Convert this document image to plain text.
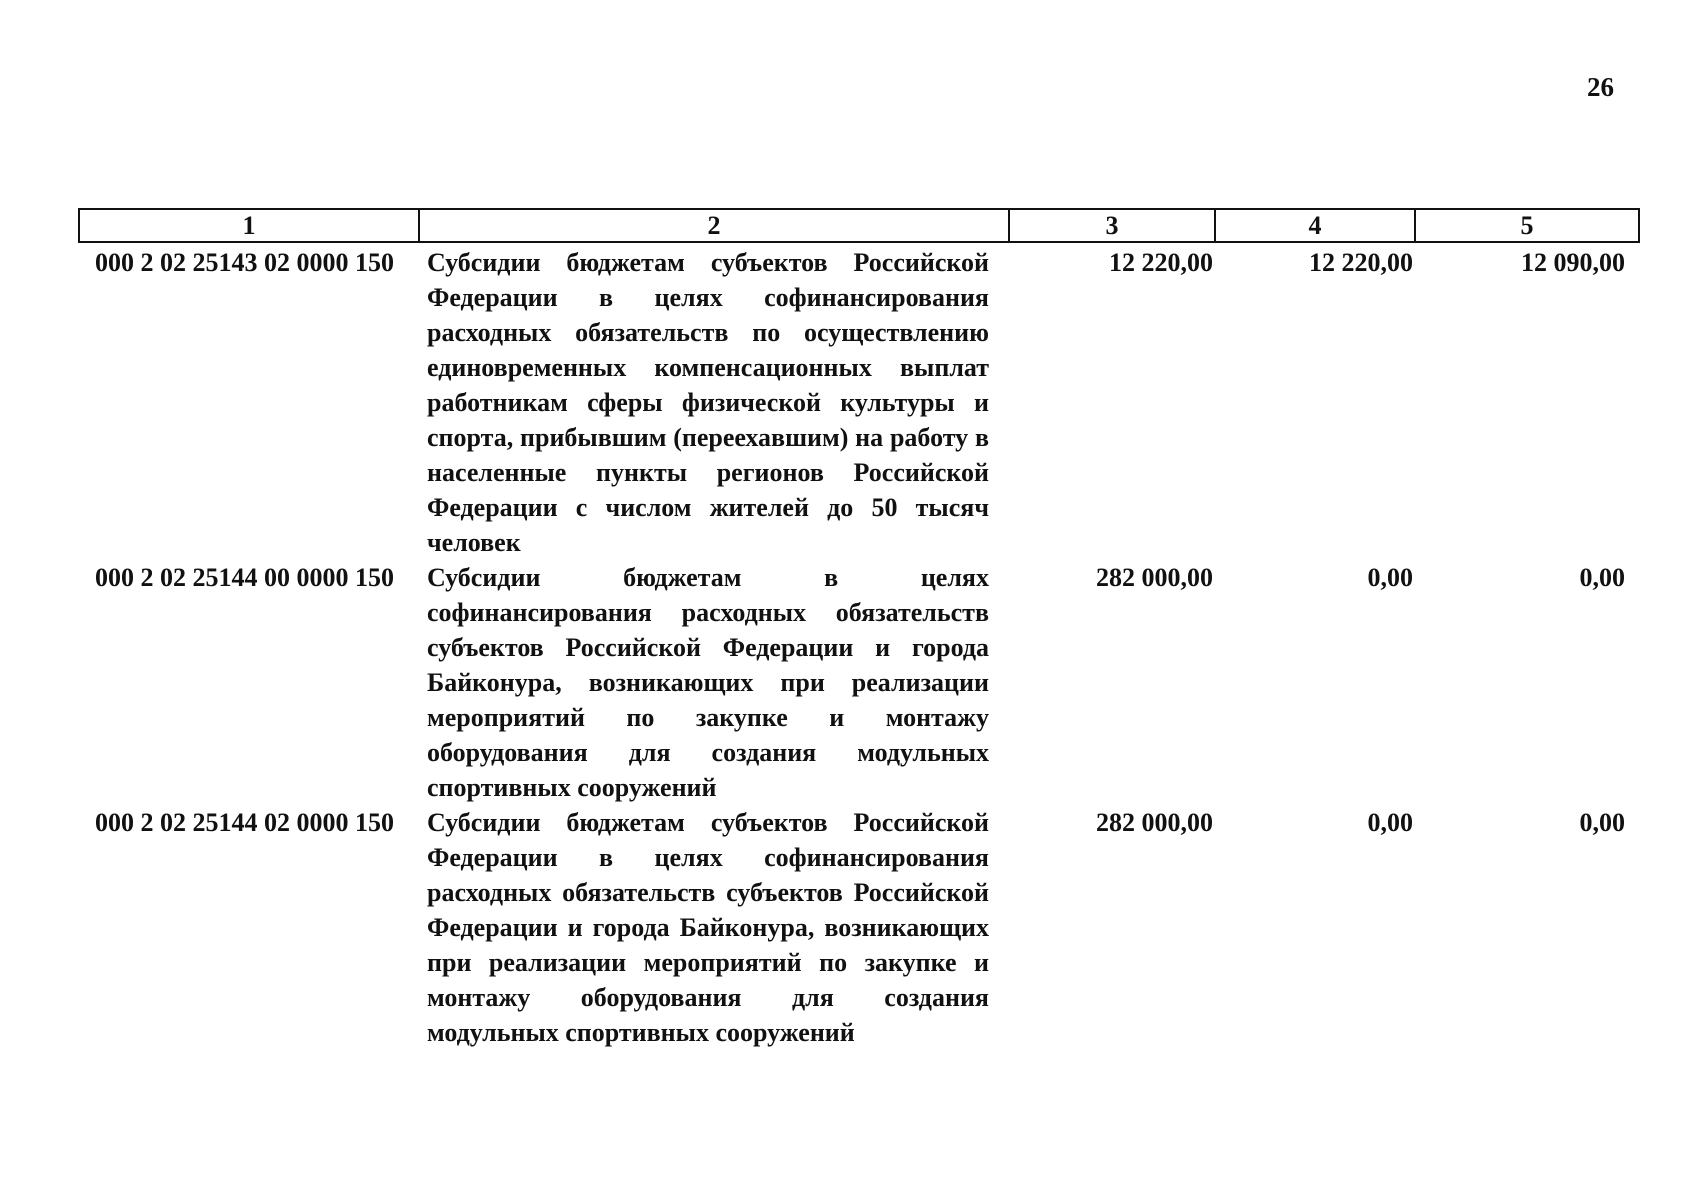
26
1	2	3	4	5

000 2 02 25143 02 0000 150	Субсидии бюджетам субъектов Российской Федерации в целях софинансирования расходных обязательств по осуществлению единовременных компенсационных выплат работникам сферы физической культуры и спорта, прибывшим (переехавшим) на работу в населенные пункты регионов Российской Федерации с числом жителей до 50 тысяч человек	12 220,00	12 220,00	12 090,00
000 2 02 25144 00 0000 150	Субсидии бюджетам в целях софинансирования расходных обязательств субъектов Российской Федерации и города Байконура, возникающих при реализации мероприятий по закупке и монтажу оборудования для создания модульных спортивных сооружений	282 000,00	0,00	0,00
000 2 02 25144 02 0000 150	Субсидии бюджетам субъектов Российской Федерации в целях софинансирования расходных обязательств субъектов Российской Федерации и города Байконура, возникающих при реализации мероприятий по закупке и монтажу оборудования для создания модульных спортивных сооружений	282 000,00	0,00	0,00
